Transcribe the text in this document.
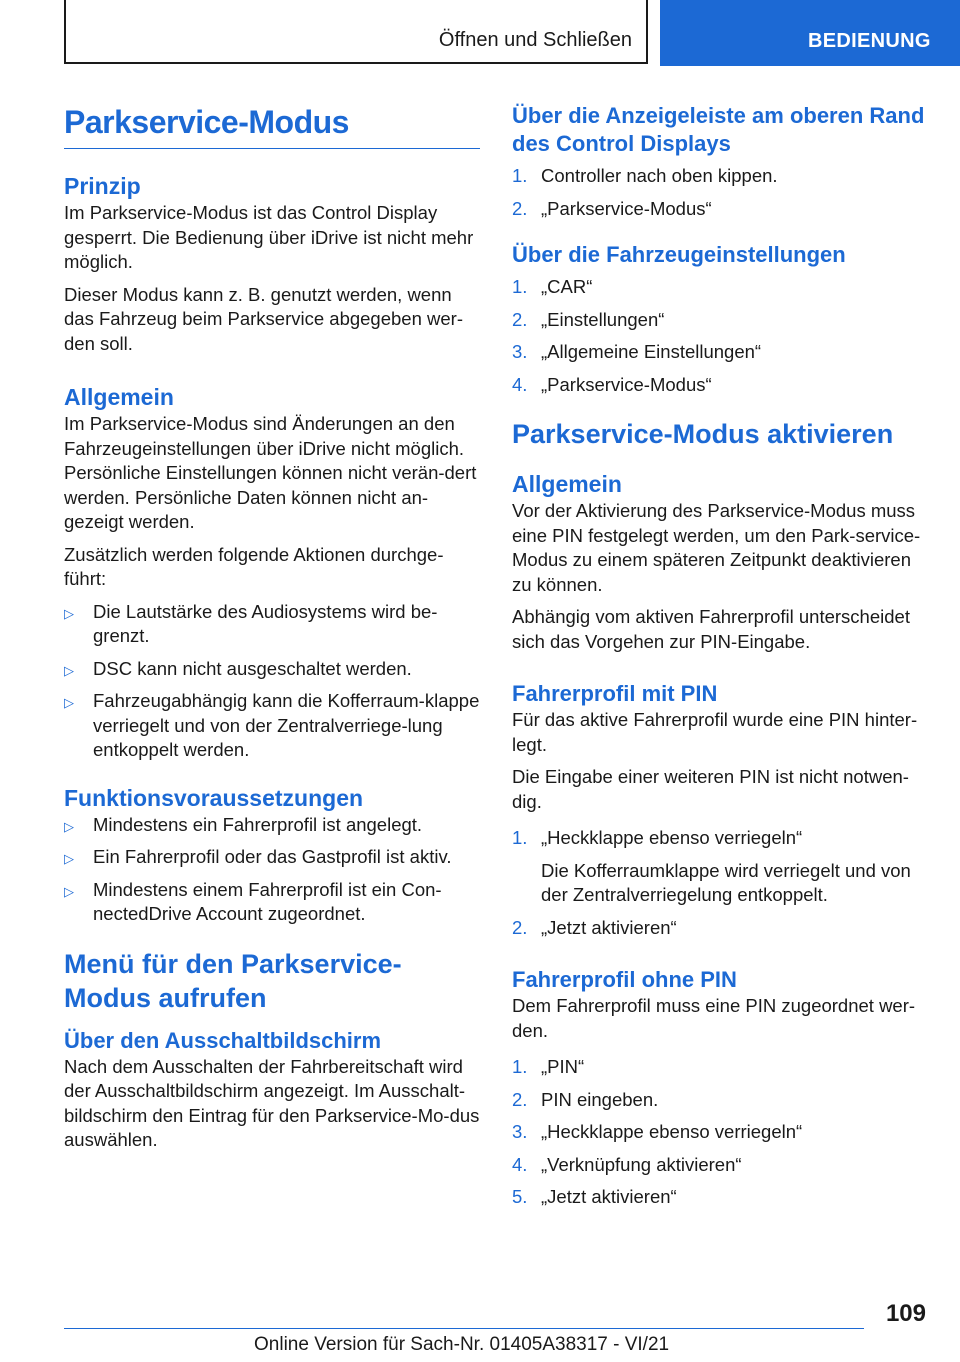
Öffnen und Schließen	BEDIENUNG
Parkservice-Modus
Prinzip

Im Parkservice-Modus ist das Control Display gesperrt. Die Bedienung über iDrive ist nicht mehr möglich.

Dieser Modus kann z. B. genutzt werden, wenn das Fahrzeug beim Parkservice abgegeben wer-den soll.

Allgemein

Im Parkservice-Modus sind Änderungen an den Fahrzeugeinstellungen über iDrive nicht möglich. Persönliche Einstellungen können nicht verän-dert werden. Persönliche Daten können nicht an-gezeigt werden.

Zusätzlich werden folgende Aktionen durchge-führt:

▷ Die Lautstärke des Audiosystems wird be-grenzt.
▷ DSC kann nicht ausgeschaltet werden.
▷ Fahrzeugabhängig kann die Kofferraum-klappe verriegelt und von der Zentralverriege-lung entkoppelt werden.
Funktionsvoraussetzungen
▷ Mindestens ein Fahrerprofil ist angelegt.
▷ Ein Fahrerprofil oder das Gastprofil ist aktiv.
▷ Mindestens einem Fahrerprofil ist ein Con-nectedDrive Account zugeordnet.
Menü für den Parkservice-Modus aufrufen
Über den Ausschaltbildschirm

Nach dem Ausschalten der Fahrbereitschaft wird der Ausschaltbildschirm angezeigt. Im Ausschalt-bildschirm den Eintrag für den Parkservice-Mo-dus auswählen.

Über die Anzeigeleiste am oberen Rand des Control Displays
1. Controller nach oben kippen.
2. „Parkservice-Modus“
Über die Fahrzeugeinstellungen
1. „CAR“
2. „Einstellungen“
3. „Allgemeine Einstellungen“
4. „Parkservice-Modus“
Parkservice-Modus aktivieren
Allgemein

Vor der Aktivierung des Parkservice-Modus muss eine PIN festgelegt werden, um den Park-service-Modus zu einem späteren Zeitpunkt deaktivieren zu können.

Abhängig vom aktiven Fahrerprofil unterscheidet sich das Vorgehen zur PIN-Eingabe.

Fahrerprofil mit PIN

Für das aktive Fahrerprofil wurde eine PIN hinter-legt.

Die Eingabe einer weiteren PIN ist nicht notwen-dig.

1. „Heckklappe ebenso verriegeln“
Die Kofferraumklappe wird verriegelt und von der Zentralverriegelung entkoppelt.
2. „Jetzt aktivieren“
Fahrerprofil ohne PIN

Dem Fahrerprofil muss eine PIN zugeordnet wer-den.

1. „PIN“
2. PIN eingeben.
3. „Heckklappe ebenso verriegeln“
4. „Verknüpfung aktivieren“
5. „Jetzt aktivieren“
109
Online Version für Sach-Nr. 01405A38317 - VI/21
